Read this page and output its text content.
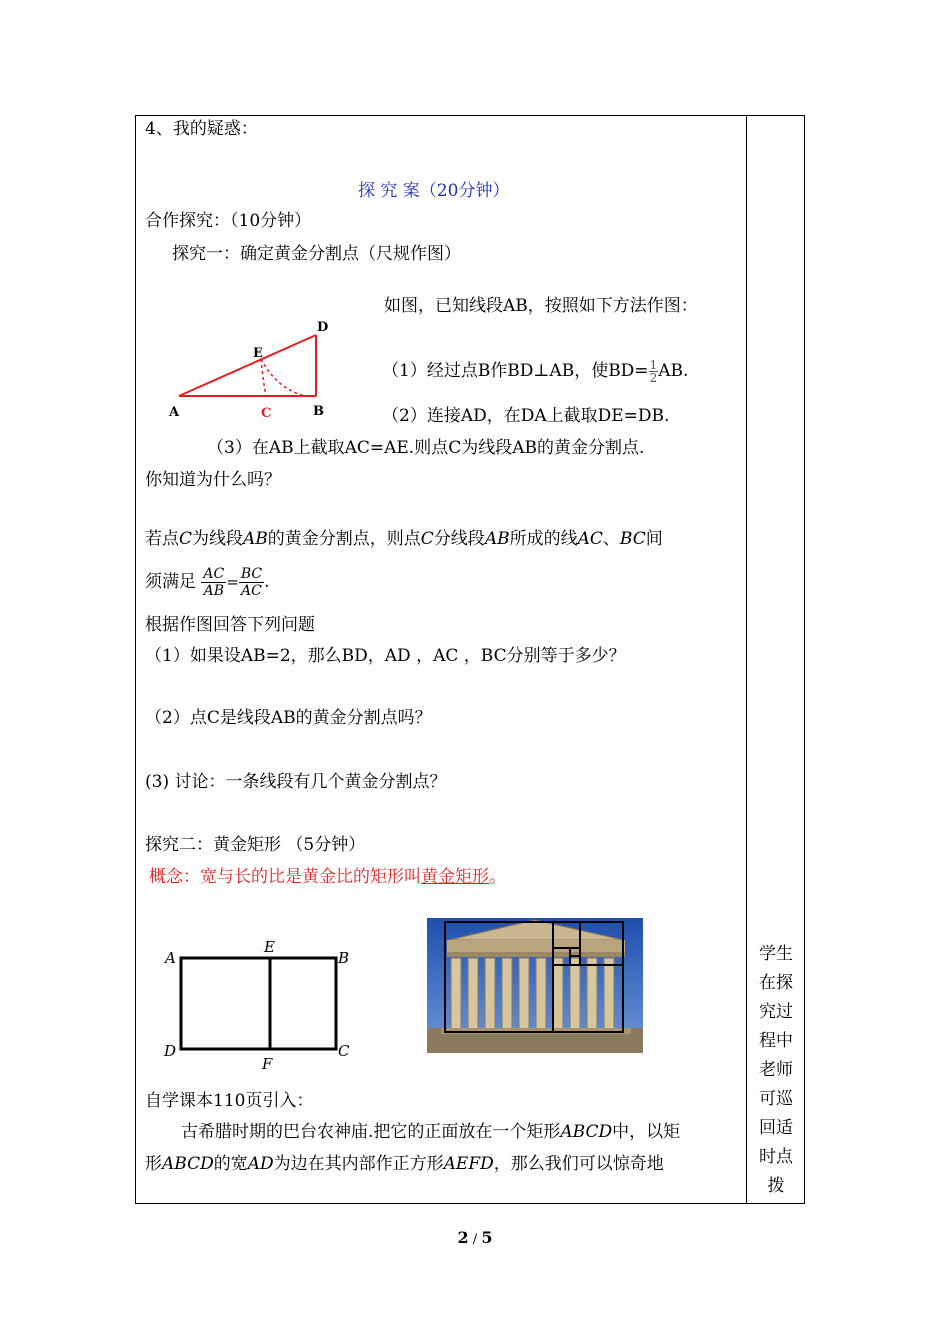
4、我的疑惑：
探 究 案（20分钟）
合作探究：（10分钟）
探究一：确定黄金分割点（尺规作图）
A	B
C
D
E
如图，已知线段AB，按照如下方法作图：
（1）经过点B作BD⊥AB，使$BD= \frac{1}{2}$ AB.
（2）连接AD，在DA上截取DE=DB.
（3）在AB上截取AC=AE.则点C为线段AB的黄金分割点.
你知道为什么吗？
若点C为线段AB的黄金分割点，则点C分线段AB所成的线AC、BC间
须满足 $\frac{AC}{AB} = \frac{BC}{AC}$ .
根据作图回答下列问题
（1）如果设AB=2，那么BD，AD ，AC ，BC分别等于多少？
（2）点C是线段AB的黄金分割点吗？
(3) 讨论：一条线段有几个黄金分割点？
探究二：黄金矩形 （5分钟）
概念：宽与长的比是黄金比的矩形叫黄金矩形。
A
E
B
D
F
C
自学课本110页引入：
古希腊时期的巴台农神庙.把它的正面放在一个矩形ABCD中，以矩
形ABCD的宽AD为边在其内部作正方形AEFD，那么我们可以惊奇地
学生在探究过程中老师可巡回适时点拨
2 / 5
